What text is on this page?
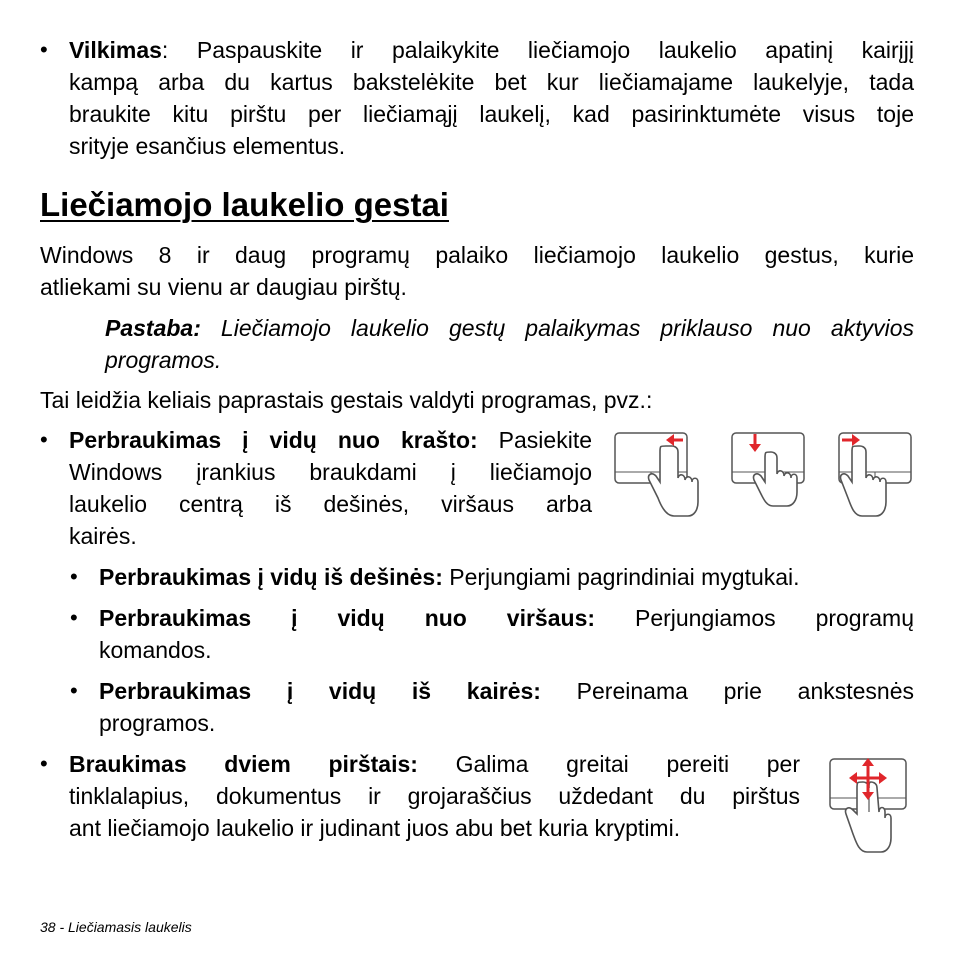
• Vilkimas: Paspauskite ir palaikykite liečiamojo laukelio apatinį kairįjį
kampą arba du kartus bakstelėkite bet kur liečiamajame laukelyje, tada
braukite kitu pirštu per liečiamąjį laukelį, kad pasirinktumėte visus toje
srityje esančius elementus.
Liečiamojo laukelio gestai
Windows 8 ir daug programų palaiko liečiamojo laukelio gestus, kurie
atliekami su vienu ar daugiau pirštų.
Pastaba: Liečiamojo laukelio gestų palaikymas priklauso nuo aktyvios
programos.
Tai leidžia keliais paprastais gestais valdyti programas, pvz.:
• Perbraukimas į vidų nuo krašto: Pasiekite
Windows įrankius braukdami į liečiamojo
laukelio centrą iš dešinės, viršaus arba
kairės.
• Perbraukimas į vidų iš dešinės: Perjungiami pagrindiniai mygtukai.
• Perbraukimas į vidų nuo viršaus: Perjungiamos programų
komandos.
• Perbraukimas į vidų iš kairės: Pereinama prie ankstesnės
programos.
• Braukimas dviem pirštais: Galima greitai pereiti per
tinklalapius, dokumentus ir grojaraščius uždedant du pirštus
ant liečiamojo laukelio ir judinant juos abu bet kuria kryptimi.
38 - Liečiamasis laukelis
